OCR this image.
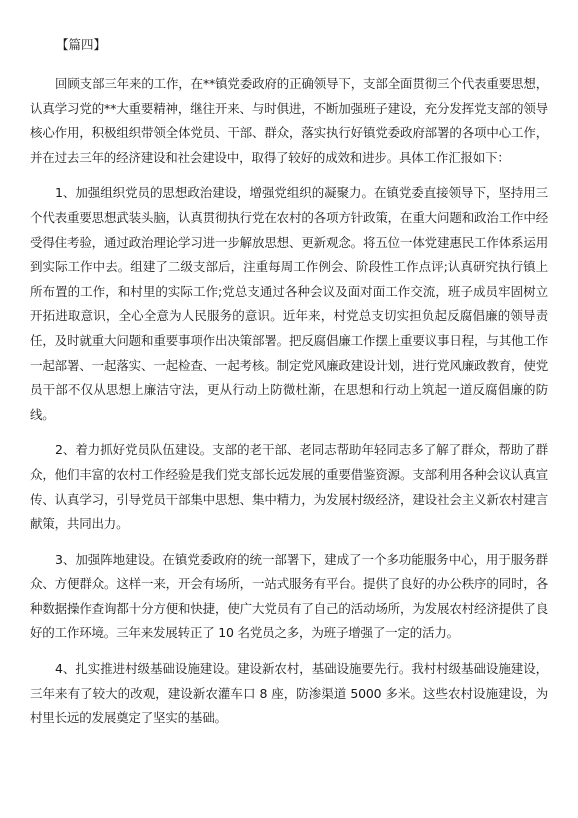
【篇四】

回顾支部三年来的工作，在**镇党委政府的正确领导下，支部全面贯彻三个代表重要思想，认真学习党的**大重要精神，继往开来、与时俱进，不断加强班子建设，充分发挥党支部的领导核心作用，积极组织带领全体党员、干部、群众，落实执行好镇党委政府部署的各项中心工作，并在过去三年的经济建设和社会建设中，取得了较好的成效和进步。具体工作汇报如下：

1、加强组织党员的思想政治建设，增强党组织的凝聚力。在镇党委直接领导下，坚持用三个代表重要思想武装头脑，认真贯彻执行党在农村的各项方针政策，在重大问题和政治工作中经受得住考验，通过政治理论学习进一步解放思想、更新观念。将五位一体党建惠民工作体系运用到实际工作中去。组建了二级支部后，注重每周工作例会、阶段性工作点评;认真研究执行镇上所布置的工作，和村里的实际工作;党总支通过各种会议及面对面工作交流，班子成员牢固树立开拓进取意识，全心全意为人民服务的意识。近年来，村党总支切实担负起反腐倡廉的领导责任，及时就重大问题和重要事项作出决策部署。把反腐倡廉工作摆上重要议事日程，与其他工作一起部署、一起落实、一起检查、一起考核。制定党风廉政建设计划，进行党风廉政教育，使党员干部不仅从思想上廉洁守法，更从行动上防微杜渐，在思想和行动上筑起一道反腐倡廉的防线。

2、着力抓好党员队伍建设。支部的老干部、老同志帮助年轻同志多了解了群众，帮助了群众，他们丰富的农村工作经验是我们党支部长远发展的重要借鉴资源。支部利用各种会议认真宣传、认真学习，引导党员干部集中思想、集中精力，为发展村级经济，建设社会主义新农村建言献策，共同出力。

3、加强阵地建设。在镇党委政府的统一部署下，建成了一个多功能服务中心，用于服务群众、方便群众。这样一来，开会有场所，一站式服务有平台。提供了良好的办公秩序的同时，各种数据操作查询都十分方便和快捷，使广大党员有了自己的活动场所，为发展农村经济提供了良好的工作环境。三年来发展转正了 10 名党员之多，为班子增强了一定的活力。

4、扎实推进村级基础设施建设。建设新农村，基础设施要先行。我村村级基础设施建设，三年来有了较大的改观，建设新农灌车口 8 座，防渗渠道 5000 多米。这些农村设施建设，为村里长远的发展奠定了坚实的基础。
